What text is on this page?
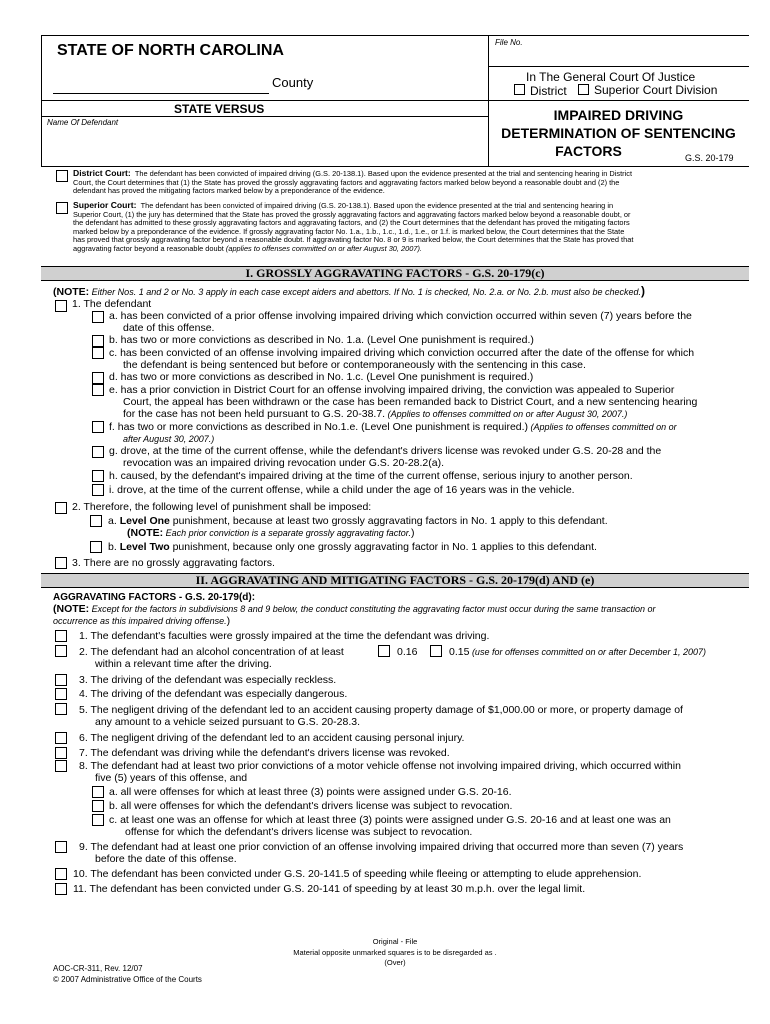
File No.
STATE OF NORTH CAROLINA
County	In The General Court Of Justice
District Superior Court Division
STATE VERSUS
Name Of Defendant	IMPAIRED DRIVING
DETERMINATION OF SENTENCING
FACTORS	G.S. 20-179
District Court: The defendant has been convicted of impaired driving (G.S. 20-138.1). Based upon the evidence presented at the trial and sentencing hearing in District
Court, the Court determines that (1) the State has proved the grossly aggravating factors and aggravating factors marked below beyond a reasonable doubt and (2) the
defendant has proved the mitigating factors marked below by a preponderance of the evidence.
Superior Court: The defendant has been convicted of impaired driving (G.S. 20-138.1). Based upon the evidence presented at the trial and sentencing hearing in
Superior Court, (1) the jury has determined that the State has proved the grossly aggravating factors and aggravating factors marked below beyond a reasonable doubt, or
the defendant has admitted to these grossly aggravating factors and aggravating factors, and (2) the Court determines that the defendant has proved the mitigating factors
marked below by a preponderance of the evidence. If grossly aggravating factor No. 1.a., 1.b., 1.c., 1.d., 1.e., or 1.f. is marked below, the Court determines that the State
has proved that grossly aggravating factor beyond a reasonable doubt. If aggravating factor No. 8 or 9 is marked below, the Court determines that the State has proved that
aggravating factor beyond a reasonable doubt (applies to offenses committed on or after August 30, 2007).
I. GROSSLY AGGRAVATING FACTORS - G.S. 20-179(c)
(NOTE: Either Nos. 1 and 2 or No. 3 apply in each case except aiders and abettors. If No. 1 is checked, No. 2.a. or No. 2.b. must also be checked.)
1. The defendant
a. has been convicted of a prior offense involving impaired driving which conviction occurred within seven (7) years before the
date of this offense.
b. has two or more convictions as described in No. 1.a. (Level One punishment is required.)
c. has been convicted of an offense involving impaired driving which conviction occurred after the date of the offense for which
the defendant is being sentenced but before or contemporaneously with the sentencing in this case.
d. has two or more convictions as described in No. 1.c. (Level One punishment is required.)
e. has a prior conviction in District Court for an offense involving impaired driving, the conviction was appealed to Superior
Court, the appeal has been withdrawn or the case has been remanded back to District Court, and a new sentencing hearing
for the case has not been held pursuant to G.S. 20-38.7. (Applies to offenses committed on or after August 30, 2007.)
f. has two or more convictions as described in No.1.e. (Level One punishment is required.) (Applies to offenses committed on or
after August 30, 2007.)
g. drove, at the time of the current offense, while the defendant's drivers license was revoked under G.S. 20-28 and the
revocation was an impaired driving revocation under G.S. 20-28.2(a).
h. caused, by the defendant's impaired driving at the time of the current offense, serious injury to another person.
i. drove, at the time of the current offense, while a child under the age of 16 years was in the vehicle.
2. Therefore, the following level of punishment shall be imposed:
a. Level One punishment, because at least two grossly aggravating factors in No. 1 apply to this defendant.
(NOTE: Each prior conviction is a separate grossly aggravating factor.)
b. Level Two punishment, because only one grossly aggravating factor in No. 1 applies to this defendant.
3. There are no grossly aggravating factors.
II. AGGRAVATING AND MITIGATING FACTORS - G.S. 20-179(d) AND (e)
AGGRAVATING FACTORS - G.S. 20-179(d):
(NOTE: Except for the factors in subdivisions 8 and 9 below, the conduct constituting the aggravating factor must occur during the same transaction or
occurrence as this impaired driving offense.)
1. The defendant's faculties were grossly impaired at the time the defendant was driving.
2. The defendant had an alcohol concentration of at least	0.16	0.15 (use for offenses committed on or after December 1, 2007)
within a relevant time after the driving.
3. The driving of the defendant was especially reckless.
4. The driving of the defendant was especially dangerous.
5. The negligent driving of the defendant led to an accident causing property damage of $1,000.00 or more, or property damage of
any amount to a vehicle seized pursuant to G.S. 20-28.3.
6. The negligent driving of the defendant led to an accident causing personal injury.
7. The defendant was driving while the defendant's drivers license was revoked.
8. The defendant had at least two prior convictions of a motor vehicle offense not involving impaired driving, which occurred within
five (5) years of this offense, and
a. all were offenses for which at least three (3) points were assigned under G.S. 20-16.
b. all were offenses for which the defendant's drivers license was subject to revocation.
c. at least one was an offense for which at least three (3) points were assigned under G.S. 20-16 and at least one was an
offense for which the defendant's drivers license was subject to revocation.
9. The defendant had at least one prior conviction of an offense involving impaired driving that occurred more than seven (7) years
before the date of this offense.
10. The defendant has been convicted under G.S. 20-141.5 of speeding while fleeing or attempting to elude apprehension.
11. The defendant has been convicted under G.S. 20-141 of speeding by at least 30 m.p.h. over the legal limit.
Original - File
Material opposite unmarked squares is to be disregarded as .
(Over)
AOC-CR-311, Rev. 12/07
© 2007 Administrative Office of the Courts
